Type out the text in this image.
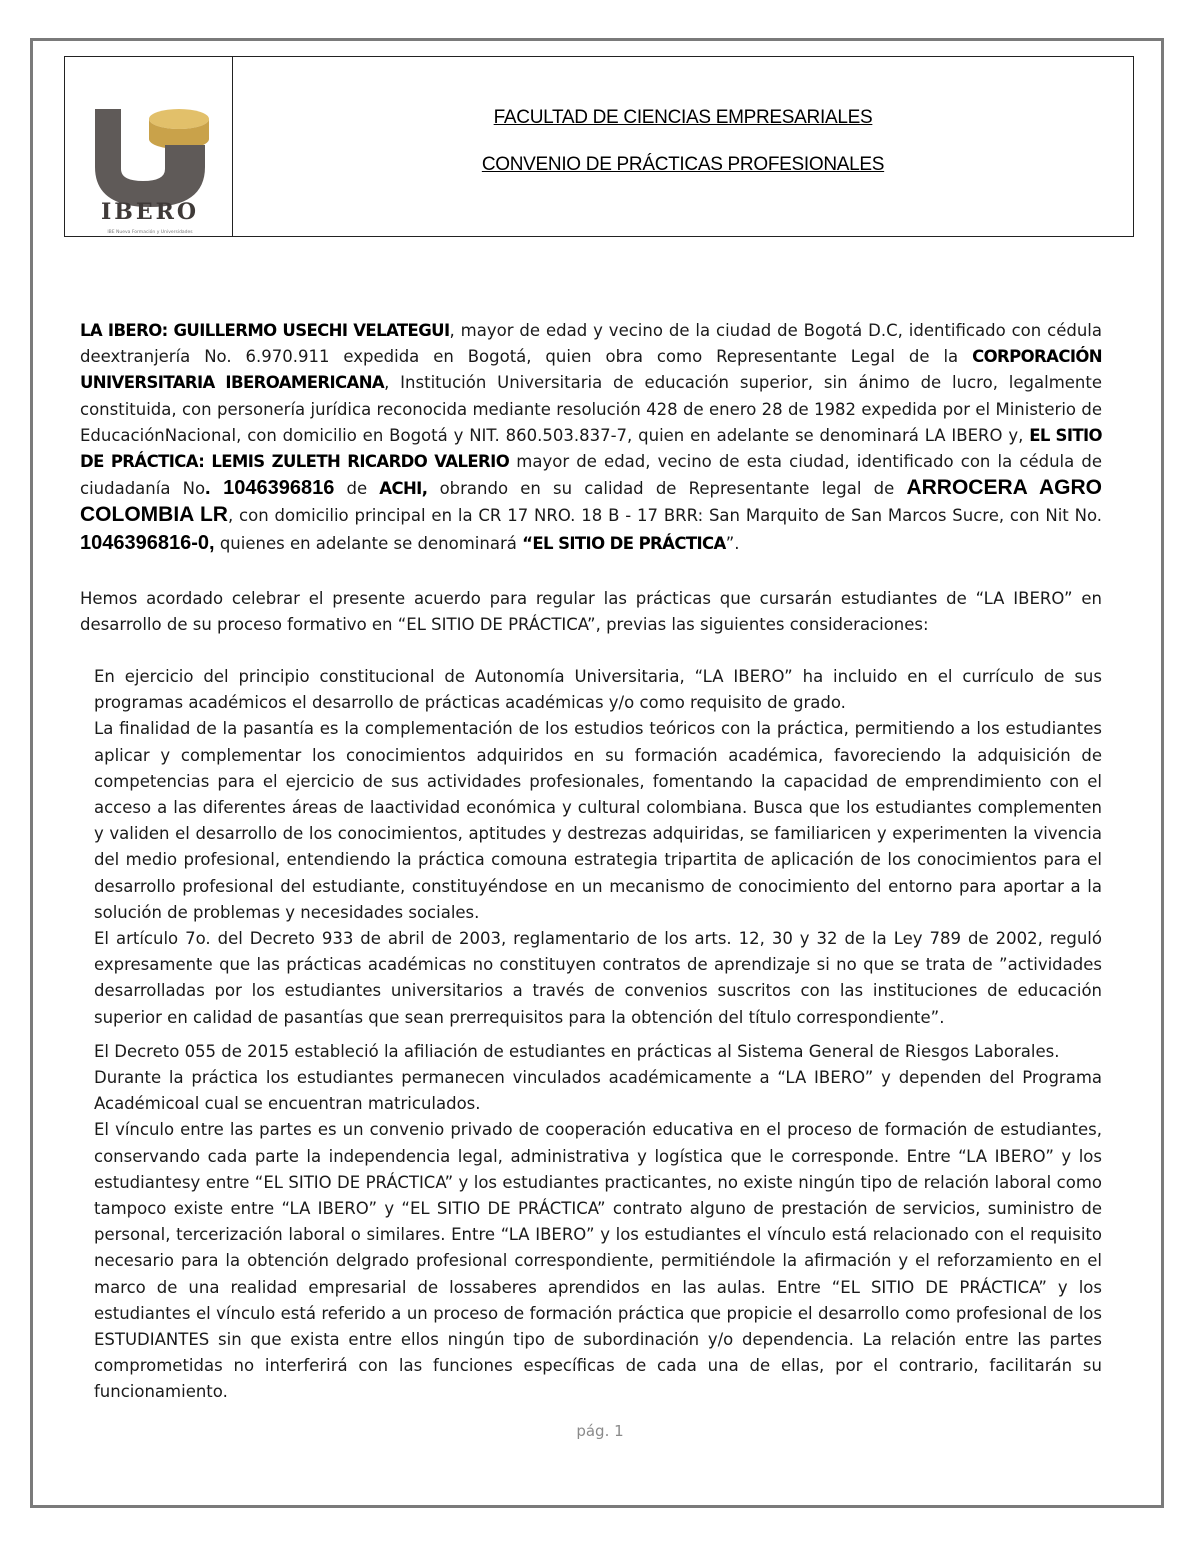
IBERO
IBE Nueva Formación y Universidades
FACULTAD DE CIENCIAS EMPRESARIALES
CONVENIO DE PRÁCTICAS PROFESIONALES
LA IBERO: GUILLERMO USECHI VELATEGUI, mayor de edad y vecino de la ciudad de Bogotá D.C, identificado con cédula deextranjería No. 6.970.911 expedida en Bogotá, quien obra como Representante Legal de la CORPORACIÓN UNIVERSITARIA IBEROAMERICANA, Institución Universitaria de educación superior, sin ánimo de lucro, legalmente constituida, con personería jurídica reconocida mediante resolución 428 de enero 28 de 1982 expedida por el Ministerio de EducaciónNacional, con domicilio en Bogotá y NIT. 860.503.837-7, quien en adelante se denominará LA IBERO y, EL SITIO DE PRÁCTICA: LEMIS ZULETH RICARDO VALERIO mayor de edad, vecino de esta ciudad, identificado con la cédula de ciudadanía No. 1046396816 de ACHI, obrando en su calidad de Representante legal de ARROCERA AGRO COLOMBIA LR, con domicilio principal en la CR 17 NRO. 18 B - 17 BRR: San Marquito de San Marcos Sucre, con Nit No. 1046396816-0, quienes en adelante se denominará “EL SITIO DE PRÁCTICA”.
Hemos acordado celebrar el presente acuerdo para regular las prácticas que cursarán estudiantes de “LA IBERO” en desarrollo de su proceso formativo en “EL SITIO DE PRÁCTICA”, previas las siguientes consideraciones:

En ejercicio del principio constitucional de Autonomía Universitaria, “LA IBERO” ha incluido en el currículo de sus programas académicos el desarrollo de prácticas académicas y/o como requisito de grado.

La finalidad de la pasantía es la complementación de los estudios teóricos con la práctica, permitiendo a los estudiantes aplicar y complementar los conocimientos adquiridos en su formación académica, favoreciendo la adquisición de competencias para el ejercicio de sus actividades profesionales, fomentando la capacidad de emprendimiento con el acceso a las diferentes áreas de laactividad económica y cultural colombiana. Busca que los estudiantes complementen y validen el desarrollo de los conocimientos, aptitudes y destrezas adquiridas, se familiaricen y experimenten la vivencia del medio profesional, entendiendo la práctica comouna estrategia tripartita de aplicación de los conocimientos para el desarrollo profesional del estudiante, constituyéndose en un mecanismo de conocimiento del entorno para aportar a la solución de problemas y necesidades sociales.

El artículo 7o. del Decreto 933 de abril de 2003, reglamentario de los arts. 12, 30 y 32 de la Ley 789 de 2002, reguló expresamente que las prácticas académicas no constituyen contratos de aprendizaje si no que se trata de ”actividades desarrolladas por los estudiantes universitarios a través de convenios suscritos con las instituciones de educación superior en calidad de pasantías que sean prerrequisitos para la obtención del título correspondiente”.

El Decreto 055 de 2015 estableció la afiliación de estudiantes en prácticas al Sistema General de Riesgos Laborales.

Durante la práctica los estudiantes permanecen vinculados académicamente a “LA IBERO” y dependen del Programa Académicoal cual se encuentran matriculados.

El vínculo entre las partes es un convenio privado de cooperación educativa en el proceso de formación de estudiantes, conservando cada parte la independencia legal, administrativa y logística que le corresponde. Entre “LA IBERO” y los estudiantesy entre “EL SITIO DE PRÁCTICA” y los estudiantes practicantes, no existe ningún tipo de relación laboral como tampoco existe entre “LA IBERO” y “EL SITIO DE PRÁCTICA” contrato alguno de prestación de servicios, suministro de personal, tercerización laboral o similares. Entre “LA IBERO” y los estudiantes el vínculo está relacionado con el requisito necesario para la obtención delgrado profesional correspondiente, permitiéndole la afirmación y el reforzamiento en el marco de una realidad empresarial de lossaberes aprendidos en las aulas. Entre “EL SITIO DE PRÁCTICA” y los estudiantes el vínculo está referido a un proceso de formación práctica que propicie el desarrollo como profesional de los ESTUDIANTES sin que exista entre ellos ningún tipo de subordinación y/o dependencia. La relación entre las partes comprometidas no interferirá con las funciones específicas de cada una de ellas, por el contrario, facilitarán su funcionamiento.

pág. 1
